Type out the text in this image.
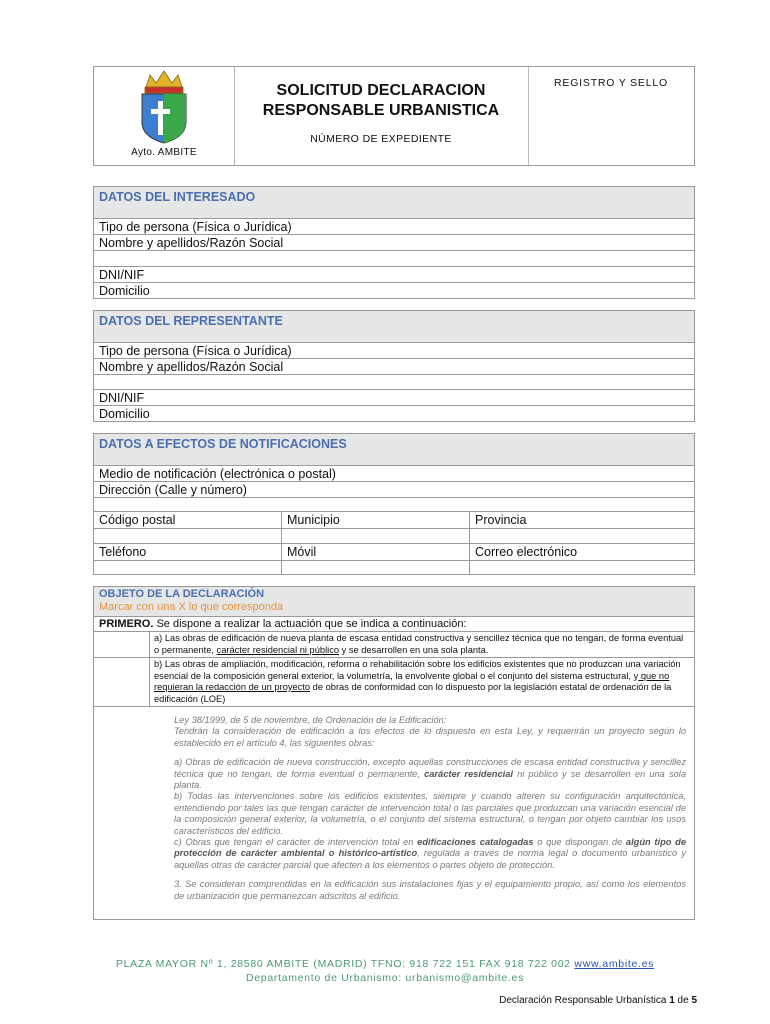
Ayto. AMBITE
SOLICITUD DECLARACION
RESPONSABLE URBANISTICA
NÚMERO DE EXPEDIENTE
REGISTRO Y SELLO
DATOS DEL INTERESADO
Tipo de persona (Física o Jurídica)
Nombre y apellidos/Razón Social
DNI/NIF
Domicilio
DATOS DEL REPRESENTANTE
Tipo de persona (Física o Jurídica)
Nombre y apellidos/Razón Social
DNI/NIF
Domicilio
DATOS A EFECTOS DE NOTIFICACIONES
Medio de notificación (electrónica o postal)
Dirección (Calle y número)
Código postal	Municipio	Provincia
Teléfono	Móvil	Correo electrónico
OBJETO DE LA DECLARACIÓN
Marcar con una X lo que corresponda
PRIMERO. Se dispone a realizar la actuación que se indica a continuación:
a) Las obras de edificación de nueva planta de escasa entidad constructiva y sencillez técnica que no tengan, de forma eventual o permanente, carácter residencial ni público y se desarrollen en una sola planta.
b) Las obras de ampliación, modificación, reforma o rehabilitación sobre los edificios existentes que no produzcan una variación esencial de la composición general exterior, la volumetría, la envolvente global o el conjunto del sistema estructural, y que no requieran la redacción de un proyecto de obras de conformidad con lo dispuesto por la legislación estatal de ordenación de la edificación (LOE)

Ley 38/1999, de 5 de noviembre, de Ordenación de la Edificación:

Tendrán la consideración de edificación a los efectos de lo dispuesto en esta Ley, y requerirán un proyecto según lo establecido en el artículo 4, las siguientes obras:

a) Obras de edificación de nueva construcción, excepto aquellas construcciones de escasa entidad constructiva y sencillez técnica que no tengan, de forma eventual o permanente, carácter residencial ni público y se desarrollen en una sola planta.

b) Todas las intervenciones sobre los edificios existentes, siempre y cuando alteren su configuración arquitectónica, entendiendo por tales las que tengan carácter de intervención total o las parciales que produzcan una variación esencial de la composición general exterior, la volumetría, o el conjunto del sistema estructural, o tengan por objeto cambiar los usos característicos del edificio.

c) Obras que tengan el carácter de intervención total en edificaciones catalogadas o que dispongan de algún tipo de protección de carácter ambiental o histórico-artístico, regulada a través de norma legal o documento urbanístico y aquellas otras de carácter parcial que afecten a los elementos o partes objeto de protección.

3. Se consideran comprendidas en la edificación sus instalaciones fijas y el equipamiento propio, así como los elementos de urbanización que permanezcan adscritos al edificio.

PLAZA MAYOR Nº 1, 28580 AMBITE (MADRID) TFNO: 918 722 151 FAX 918 722 002 www.ambite.es
Departamento de Urbanismo: urbanismo@ambite.es
Declaración Responsable Urbanística 1 de 5
